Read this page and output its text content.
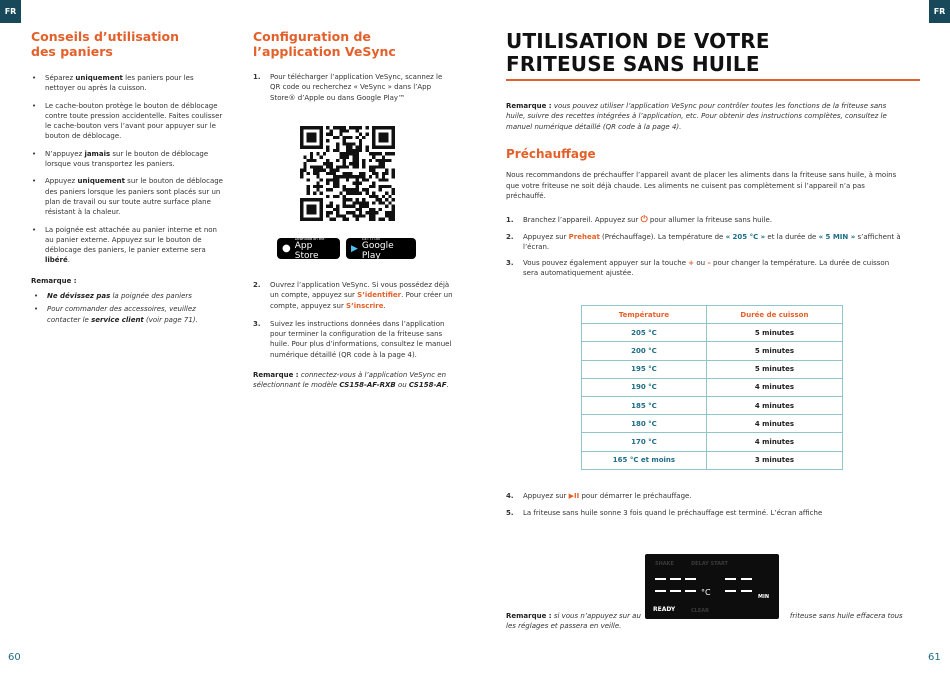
FR	FR
Conseils d’utilisation des paniers
• Séparez uniquement les paniers pour les nettoyer ou après la cuisson.
• Le cache-bouton protège le bouton de déblocage contre toute pression accidentelle. Faites coulisser le cache-bouton vers l’avant pour appuyer sur le bouton de déblocage.
• N’appuyez jamais sur le bouton de déblocage lorsque vous transportez les paniers.
• Appuyez uniquement sur le bouton de déblocage des paniers lorsque les paniers sont placés sur un plan de travail ou sur toute autre surface plane résistant à la chaleur.
• La poignée est attachée au panier interne et non au panier externe. Appuyez sur le bouton de déblocage des paniers, le panier externe sera libéré.
Remarque :
• Ne dévissez pas la poignée des paniers
• Pour commander des accessoires, veuillez contacter le service client (voir page 71).
Configuration de l’application VeSync
1. Pour télécharger l’application VeSync, scannez le QR code ou recherchez « VeSync » dans l’App Store® d’Apple ou dans Google Play™
●
Download on the
App Store
▶
GET IT ON
Google Play
2. Ouvrez l’application VeSync. Si vous possédez déjà un compte, appuyez sur S’identifier. Pour créer un compte, appuyez sur S’inscrire.
3. Suivez les instructions données dans l’application pour terminer la configuration de la friteuse sans huile. Pour plus d’informations, consultez le manuel numérique détaillé (QR code à la page 4).
Remarque : connectez-vous à l’application VeSync en sélectionnant le modèle CS158-AF-RXB ou CS158-AF.
UTILISATION DE VOTRE
FRITEUSE SANS HUILE
Remarque : vous pouvez utiliser l’application VeSync pour contrôler toutes les fonctions de la friteuse sans huile, suivre des recettes intégrées à l’application, etc. Pour obtenir des instructions complètes, consultez le manuel numérique détaillé (QR code à la page 4).
Préchauffage
Nous recommandons de préchauffer l’appareil avant de placer les aliments dans la friteuse sans huile, à moins que votre friteuse ne soit déjà chaude. Les aliments ne cuisent pas complètement si l’appareil n’a pas préchauffé.
1. Branchez l’appareil. Appuyez sur ⏻ pour allumer la friteuse sans huile.
2. Appuyez sur Preheat (Préchauffage). La température de « 205 °C » et la durée de « 5 MIN » s’affichent à l’écran.
3. Vous pouvez également appuyer sur la touche + ou – pour changer la température. La durée de cuisson sera automatiquement ajustée.
Température	Durée de cuisson
205 °C	5 minutes
200 °C	5 minutes
195 °C	5 minutes
190 °C	4 minutes
185 °C	4 minutes
180 °C	4 minutes
170 °C	4 minutes
165 °C et moins	3 minutes
4. Appuyez sur ▶II pour démarrer le préchauffage.
5. La friteuse sans huile sonne 3 fois quand le préchauffage est terminé. L’écran affiche
SHAKE	DELAY START
°C	MIN
READY	CLEAR
Remarque : si vous n’appuyez sur au	friteuse sans huile effacera tous les réglages et passera en veille.
60	61
